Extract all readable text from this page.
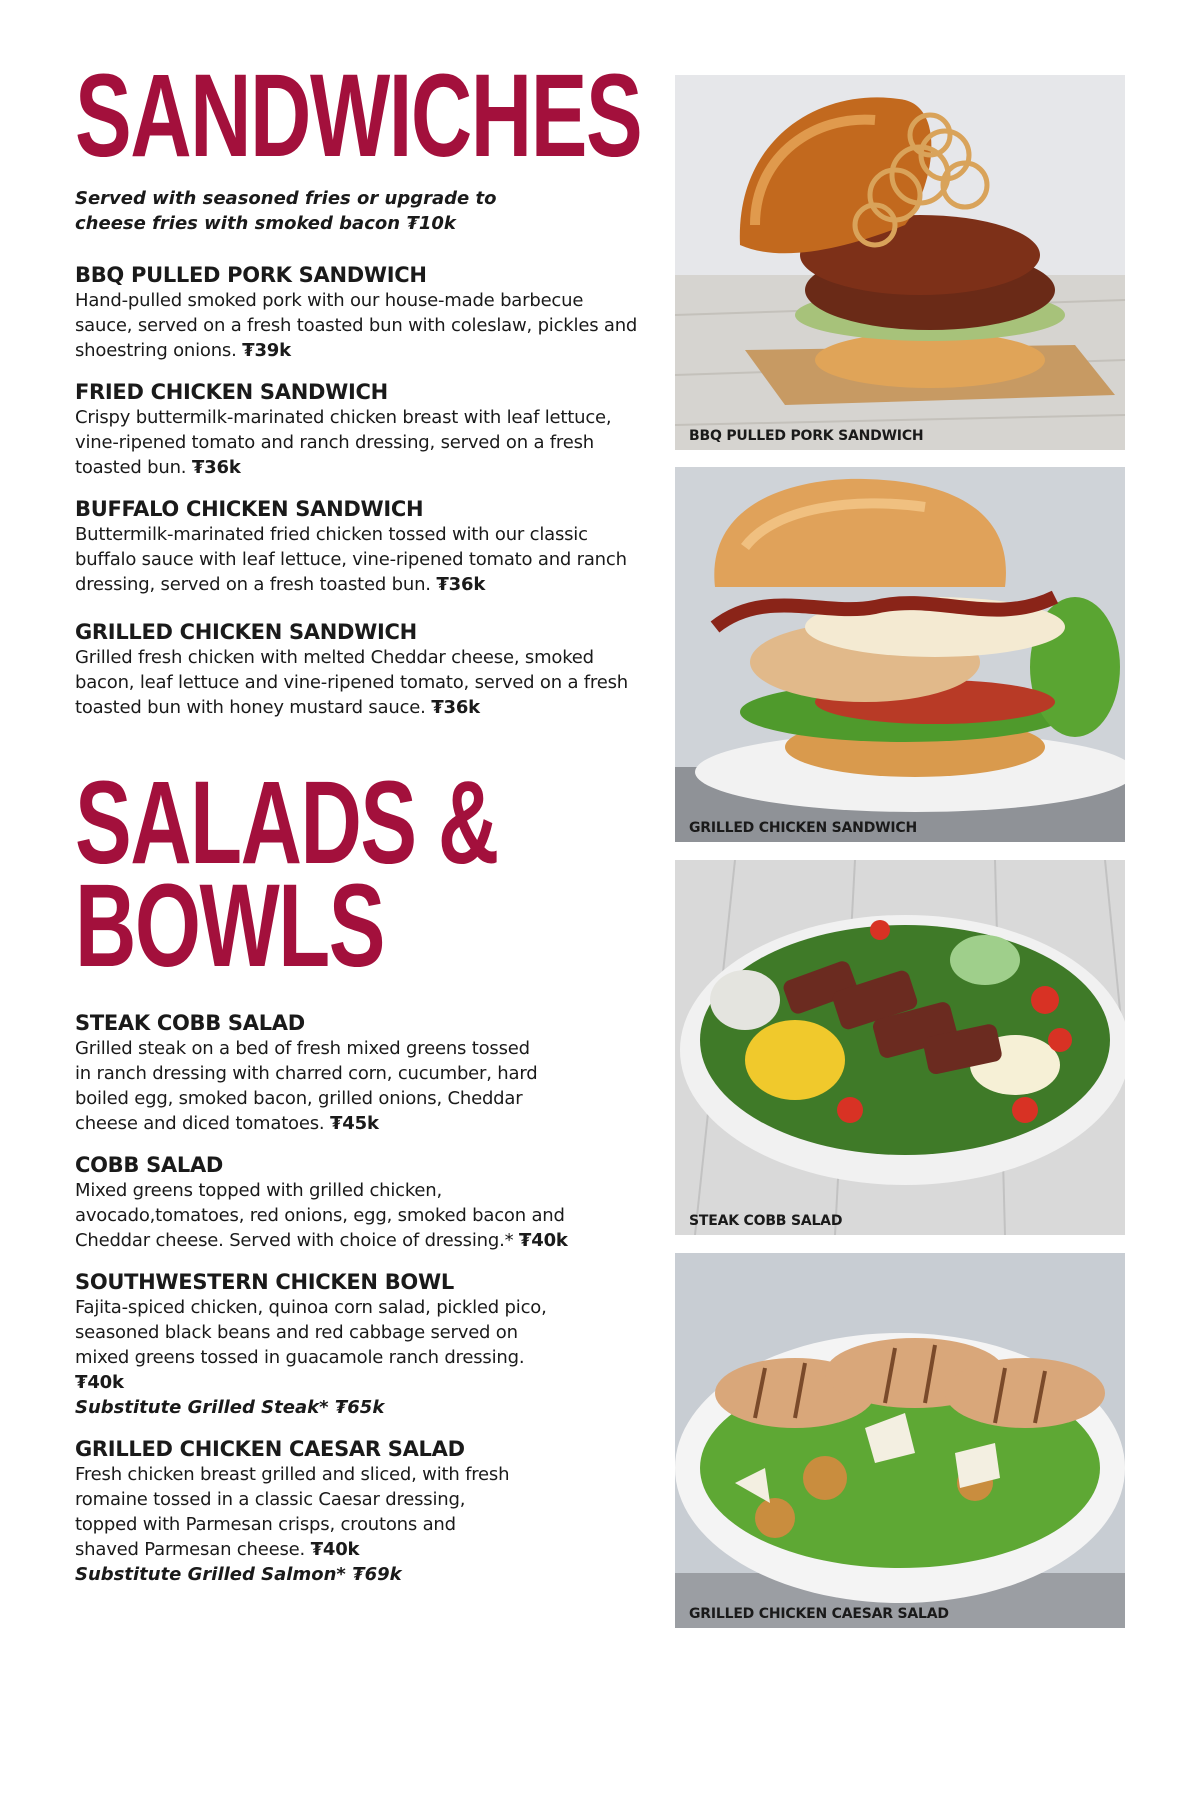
SANDWICHES

Served with seasoned fries or upgrade to cheese fries with smoked bacon ₮10k

BBQ PULLED PORK SANDWICH

Hand-pulled smoked pork with our house-made barbecue sauce, served on a fresh toasted bun with coleslaw, pickles and shoestring onions. ₮39k

FRIED CHICKEN SANDWICH

Crispy buttermilk-marinated chicken breast with leaf lettuce, vine-ripened tomato and ranch dressing, served on a fresh toasted bun. ₮36k

BUFFALO CHICKEN SANDWICH

Buttermilk-marinated fried chicken tossed with our classic buffalo sauce with leaf lettuce, vine-ripened tomato and ranch dressing, served on a fresh toasted bun. ₮36k

GRILLED CHICKEN SANDWICH

Grilled fresh chicken with melted Cheddar cheese, smoked bacon, leaf lettuce and vine-ripened tomato, served on a fresh toasted bun with honey mustard sauce. ₮36k

SALADS &
BOWLS

STEAK COBB SALAD

Grilled steak on a bed of fresh mixed greens tossed in ranch dressing with charred corn, cucumber, hard boiled egg, smoked bacon, grilled onions, Cheddar cheese and diced tomatoes. ₮45k

COBB SALAD

Mixed greens topped with grilled chicken, avocado,tomatoes, red onions, egg, smoked bacon and Cheddar cheese. Served with choice of dressing.* ₮40k

SOUTHWESTERN CHICKEN BOWL

Fajita-spiced chicken, quinoa corn salad, pickled pico, seasoned black beans and red cabbage served on mixed greens tossed in guacamole ranch dressing. ₮40k

Substitute Grilled Steak* ₮65k

GRILLED CHICKEN CAESAR SALAD

Fresh chicken breast grilled and sliced, with fresh romaine tossed in a classic Caesar dressing, topped with Parmesan crisps, croutons and shaved Parmesan cheese. ₮40k

Substitute Grilled Salmon* ₮69k

BBQ PULLED PORK SANDWICH
GRILLED CHICKEN SANDWICH
STEAK COBB SALAD
GRILLED CHICKEN CAESAR SALAD
